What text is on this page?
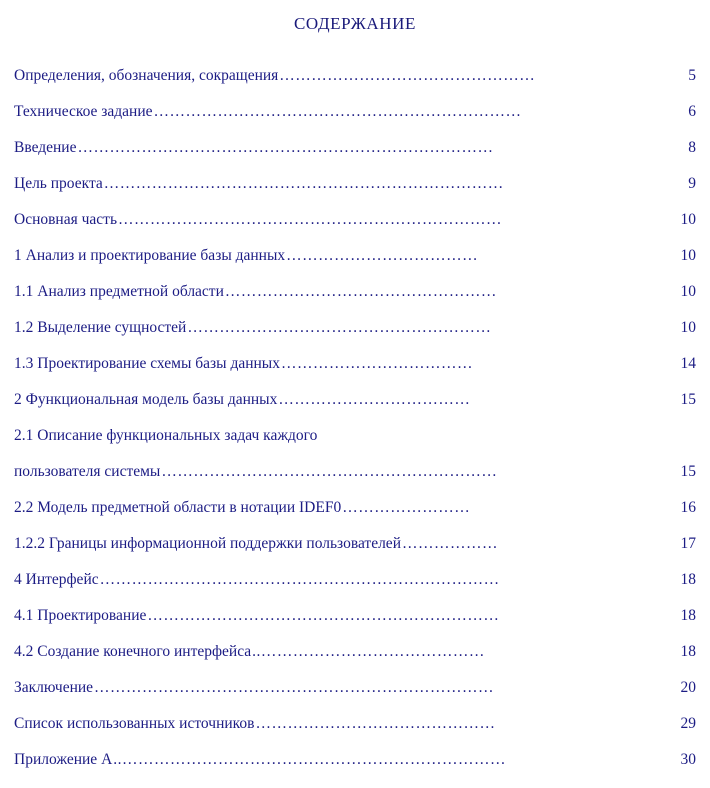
СОДЕРЖАНИЕ
Определения, обозначения, сокращения …………………………………………	5
Техническое задание ……………………………………………………………	6
Введение ……………………………………………………………………	8
Цель проекта …………………………………………………………………	9
Основная часть ………………………………………………………………	10
1 Анализ и проектирование базы данных ………………………………	10
1.1 Анализ предметной области ……………………………………………	10
1.2 Выделение сущностей …………………………………………………	10
1.3 Проектирование схемы базы данных ………………………………	14
2 Функциональная модель базы данных ………………………………	15
2.1 Описание функциональных задач каждого
пользователя системы ………………………………………………………	15
2.2 Модель предметной области в нотации IDEF0 ……………………	16
1.2.2 Границы информационной поддержки пользователей ………………	17
4 Интерфейс …………………………………………………………………	18
4.1 Проектирование …………………………………………………………	18
4.2 Создание конечного интерфейса ..……………………………………	18
Заключение …………………………………………………………………	20
Список использованных источников ………………………………………	29
Приложение А ..………………………………………………………………	30
